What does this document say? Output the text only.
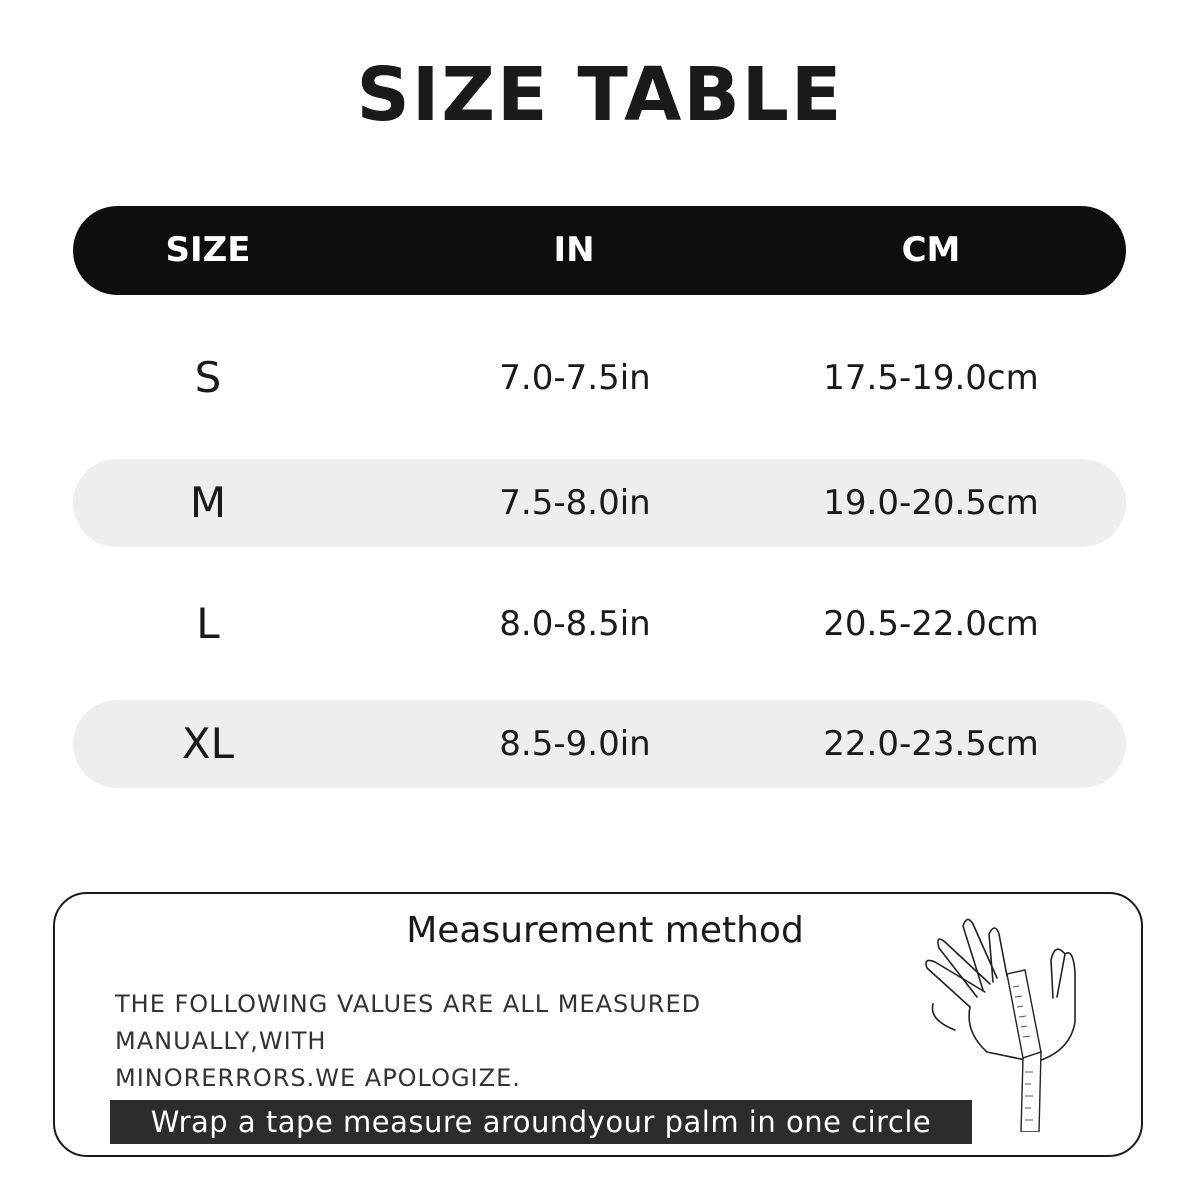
SIZE TABLE
SIZE	IN	CM
S	7.0-7.5in	17.5-19.0cm
M	7.5-8.0in	19.0-20.5cm
L	8.0-8.5in	20.5-22.0cm
XL	8.5-9.0in	22.0-23.5cm
Measurement method
THE FOLLOWING VALUES ARE ALL MEASURED MANUALLY,WITH
MINORERRORS.WE APOLOGIZE.
Wrap a tape measure aroundyour palm in one circle
